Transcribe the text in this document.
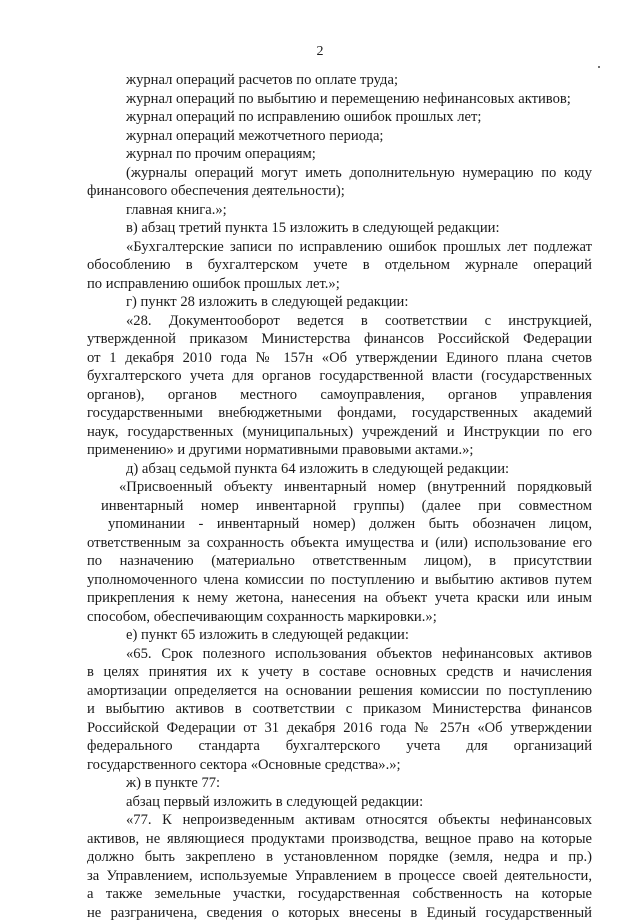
2
журнал операций расчетов по оплате труда;
журнал операций по выбытию и перемещению нефинансовых активов;
журнал операций по исправлению ошибок прошлых лет;
журнал операций межотчетного периода;
журнал по прочим операциям;
(журналы операций могут иметь дополнительную нумерацию по коду
финансового обеспечения деятельности);
главная книга.»;
в) абзац третий пункта 15 изложить в следующей редакции:
«Бухгалтерские записи по исправлению ошибок прошлых лет подлежат
обособлению в бухгалтерском учете в отдельном журнале операций
по исправлению ошибок прошлых лет.»;
г) пункт 28 изложить в следующей редакции:
«28. Документооборот ведется в соответствии с инструкцией,
утвержденной приказом Министерства финансов Российской Федерации
от 1 декабря 2010 года № 157н «Об утверждении Единого плана счетов
бухгалтерского учета для органов государственной власти (государственных
органов), органов местного самоуправления, органов управления
государственными внебюджетными фондами, государственных академий
наук, государственных (муниципальных) учреждений и Инструкции по его
применению» и другими нормативными правовыми актами.»;
д) абзац седьмой пункта 64 изложить в следующей редакции:
«Присвоенный объекту инвентарный номер (внутренний порядковый
инвентарный номер инвентарной группы) (далее при совместном
упоминании - инвентарный номер) должен быть обозначен лицом,
ответственным за сохранность объекта имущества и (или) использование его
по назначению (материально ответственным лицом), в присутствии
уполномоченного члена комиссии по поступлению и выбытию активов путем
прикрепления к нему жетона, нанесения на объект учета краски или иным
способом, обеспечивающим сохранность маркировки.»;
е) пункт 65 изложить в следующей редакции:
«65. Срок полезного использования объектов нефинансовых активов
в целях принятия их к учету в составе основных средств и начисления
амортизации определяется на основании решения комиссии по поступлению
и выбытию активов в соответствии с приказом Министерства финансов
Российской Федерации от 31 декабря 2016 года № 257н «Об утверждении
федерального стандарта бухгалтерского учета для организаций
государственного сектора «Основные средства».»;
ж) в пункте 77:
абзац первый изложить в следующей редакции:
«77. К непроизведенным активам относятся объекты нефинансовых
активов, не являющиеся продуктами производства, вещное право на которые
должно быть закреплено в установленном порядке (земля, недра и пр.)
за Управлением, используемые Управлением в процессе своей деятельности,
а также земельные участки, государственная собственность на которые
не разграничена, сведения о которых внесены в Единый государственный
